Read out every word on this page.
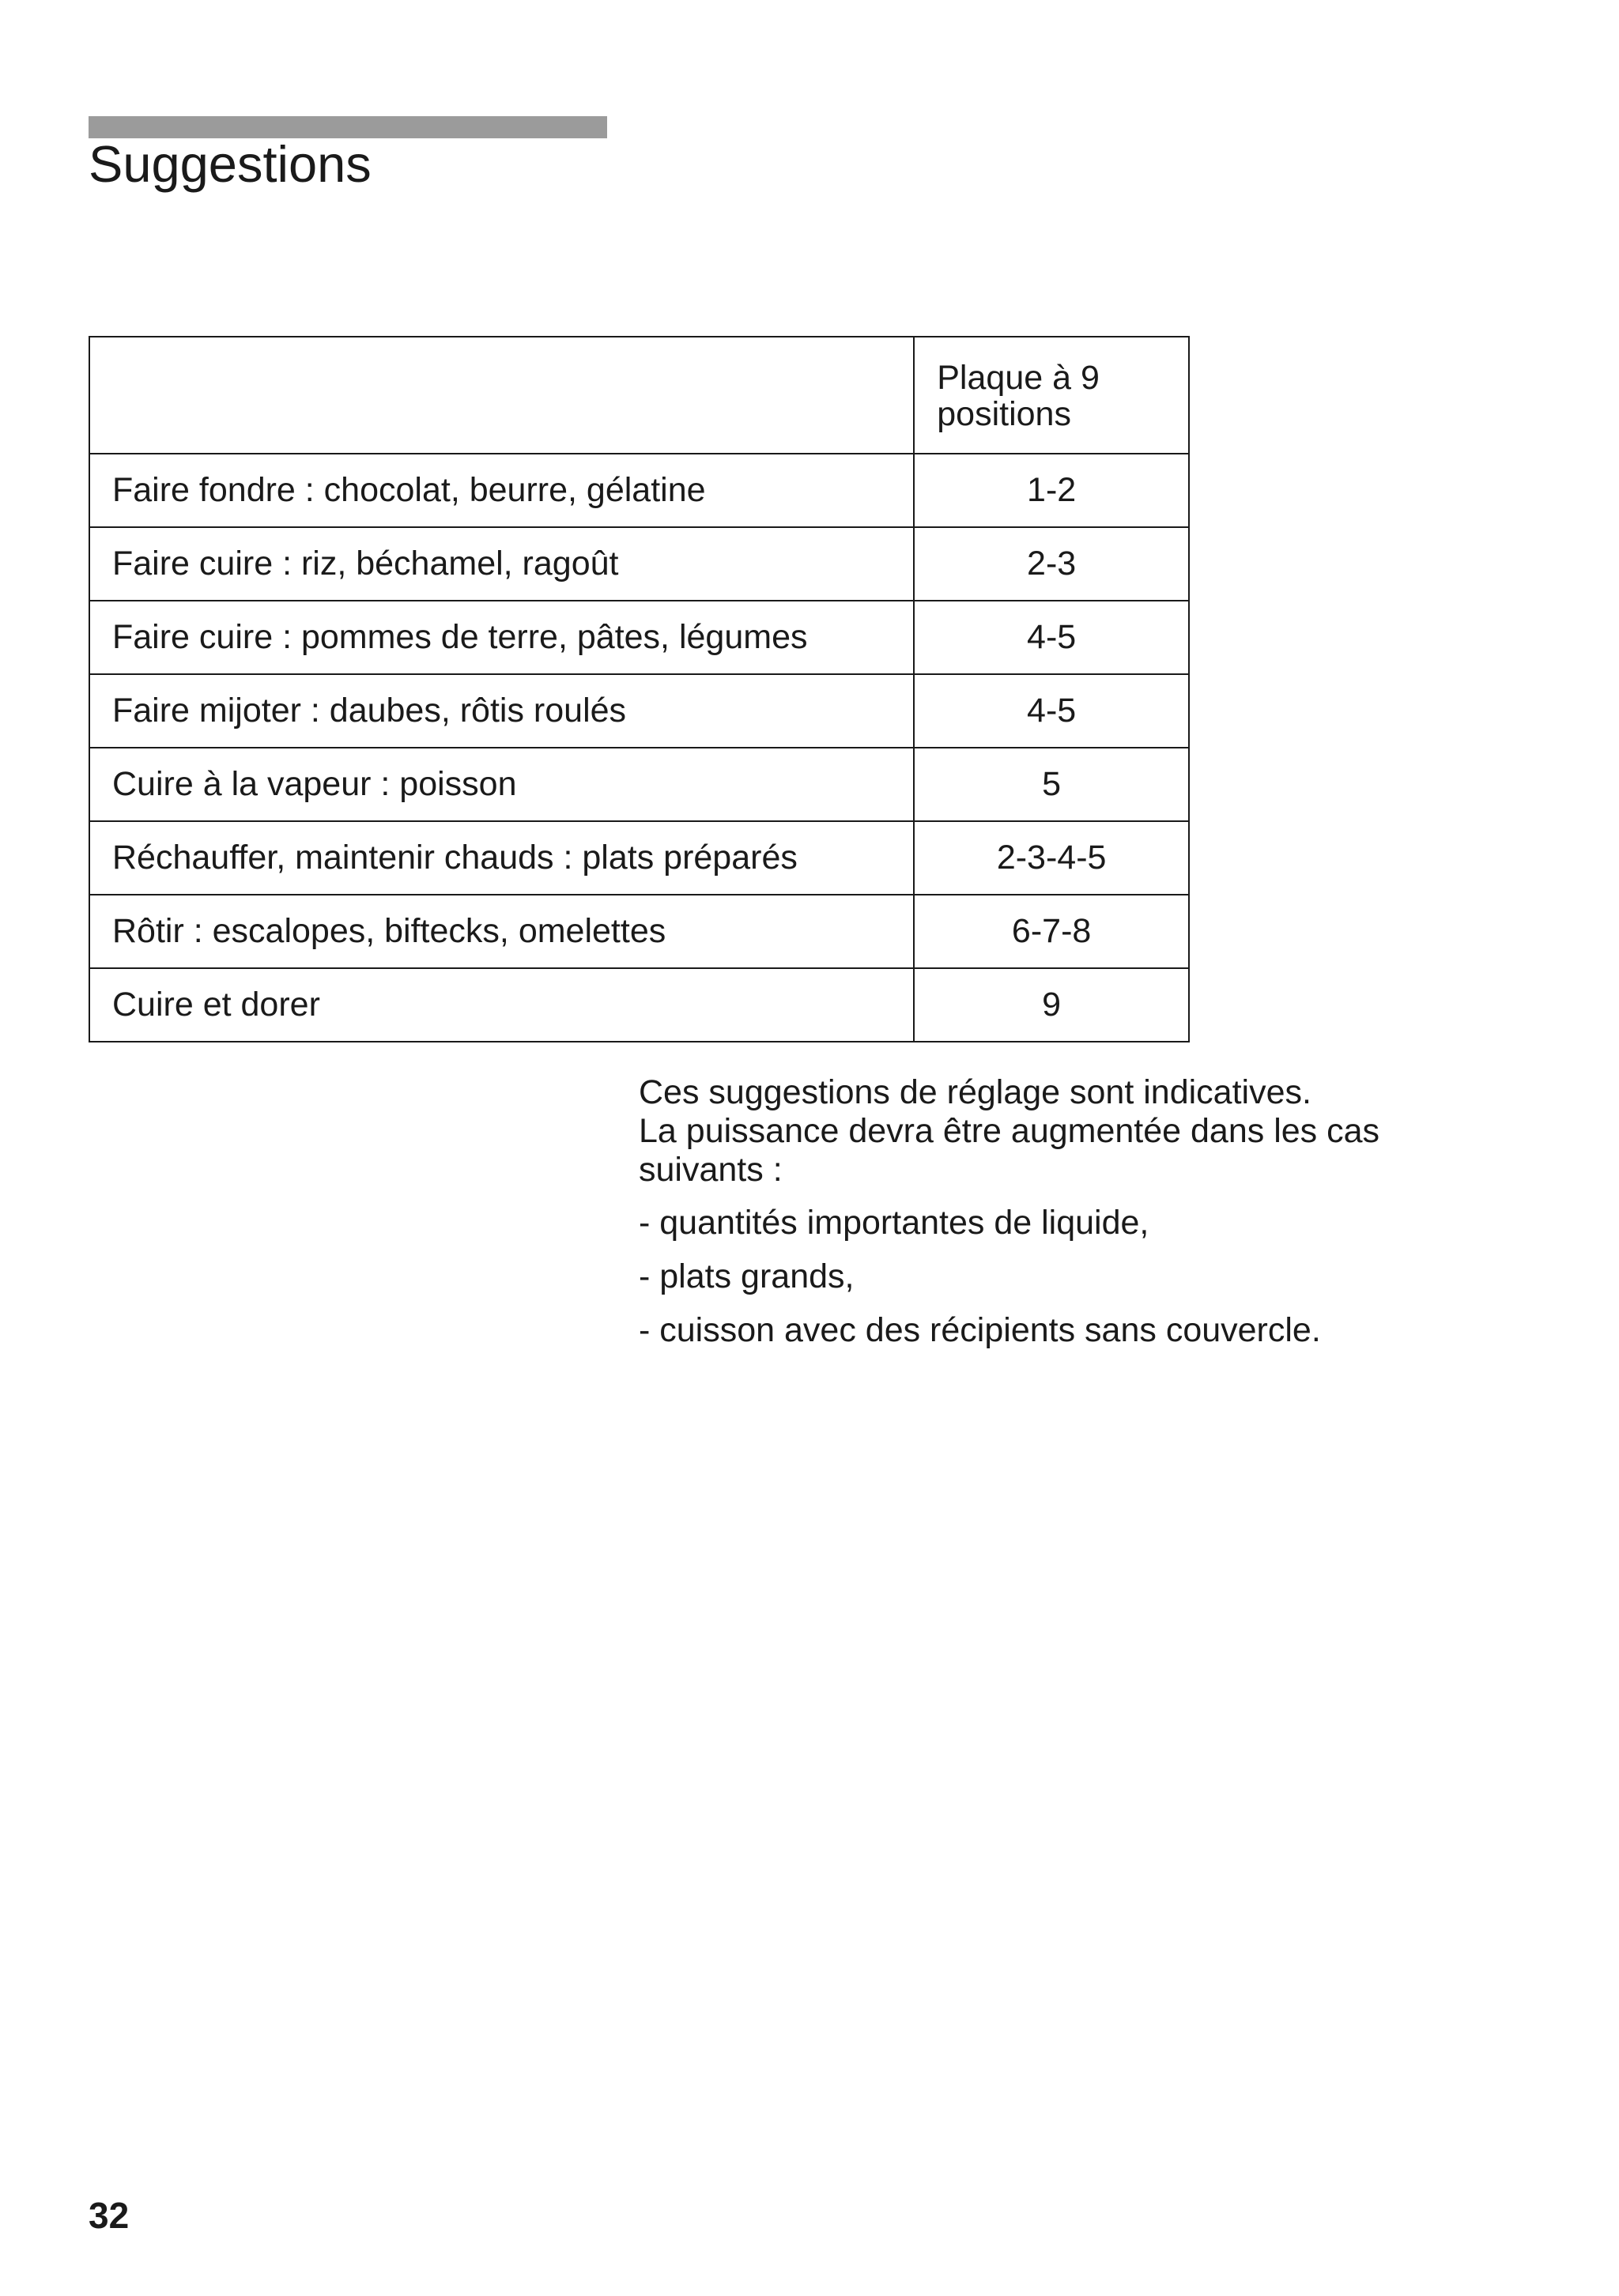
Suggestions
	Plaque à 9 positions
Faire fondre : chocolat, beurre, gélatine	1-2
Faire cuire : riz, béchamel, ragoût	2-3
Faire cuire : pommes de terre, pâtes, légumes	4-5
Faire mijoter : daubes, rôtis roulés	4-5
Cuire à la vapeur : poisson	5
Réchauffer, maintenir chauds : plats préparés	2-3-4-5
Rôtir : escalopes, biftecks, omelettes	6-7-8
Cuire et dorer	9

Ces suggestions de réglage sont indicatives.

La puissance devra être augmentée dans les cas suivants :

- quantités importantes de liquide,
- plats grands,
- cuisson avec des récipients sans couvercle.
32
